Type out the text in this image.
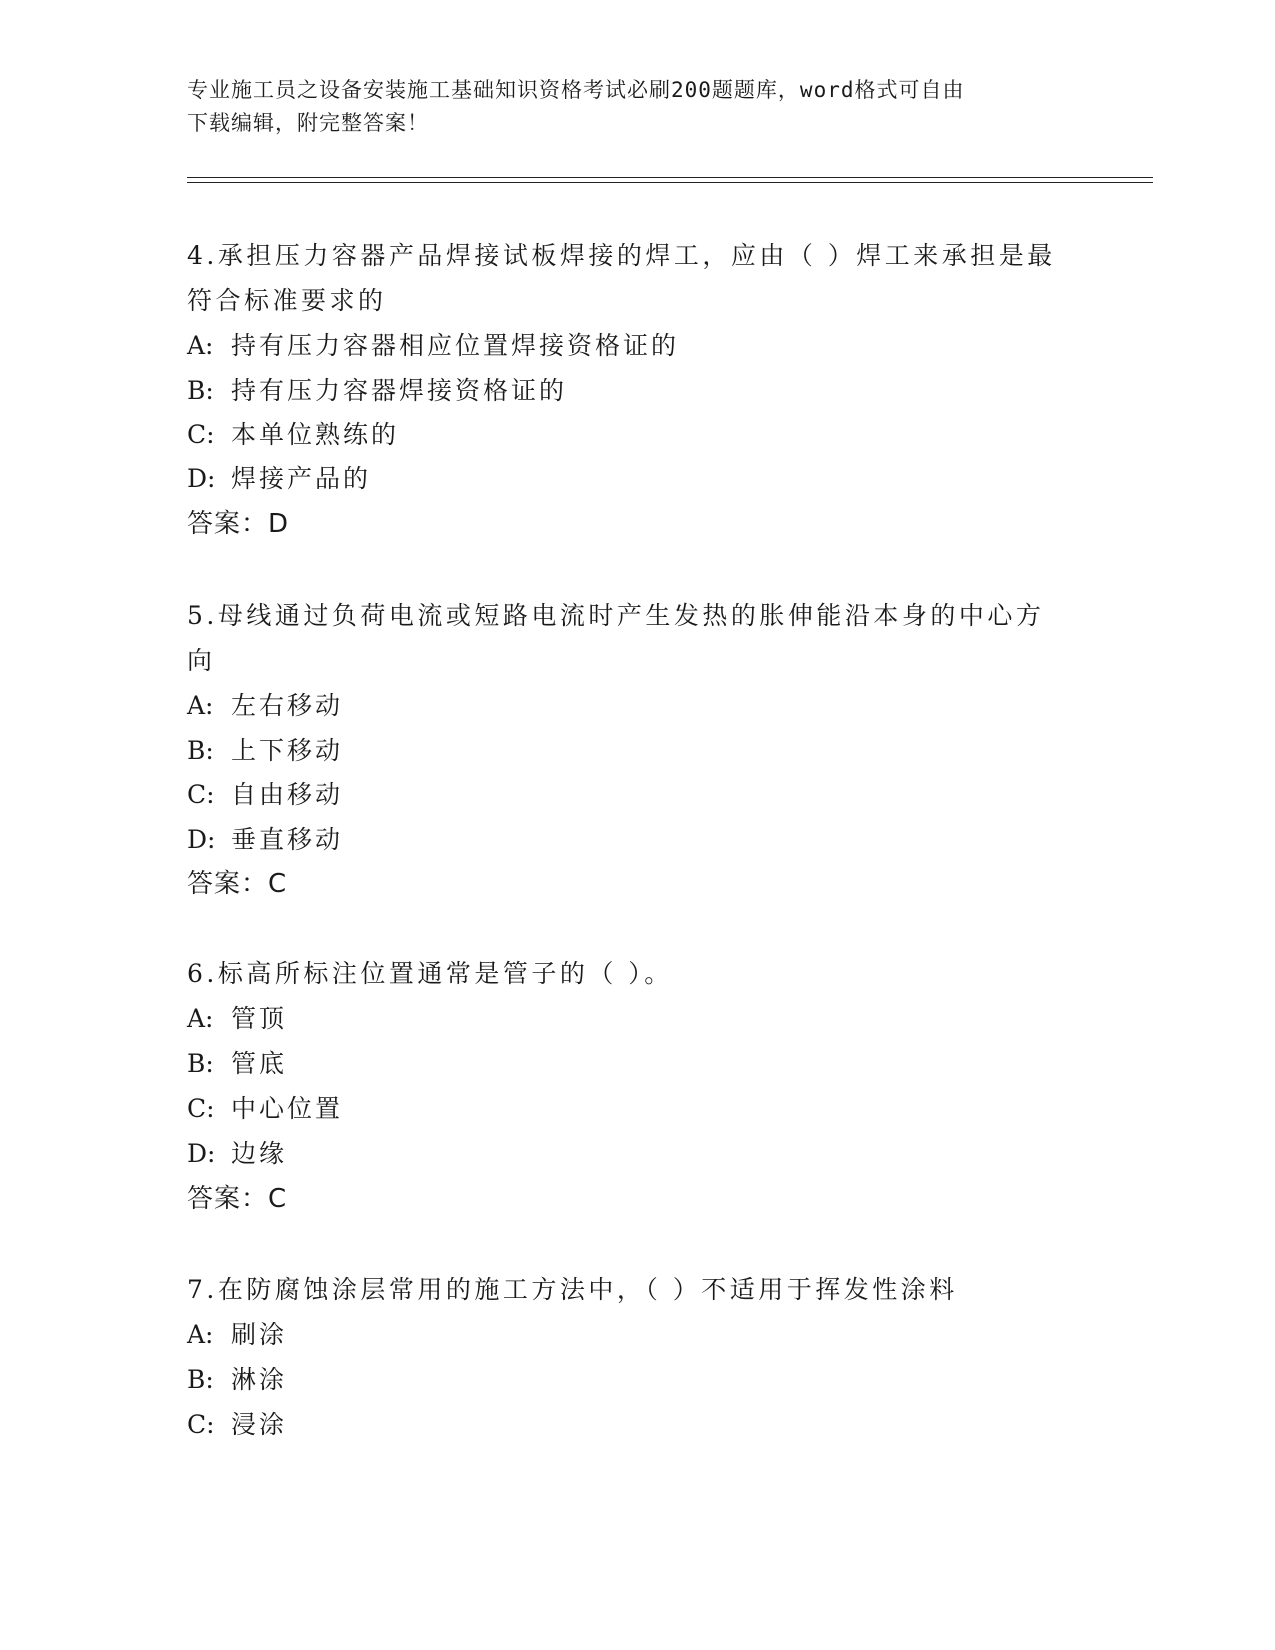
专业施工员之设备安装施工基础知识资格考试必刷200题题库，word格式可自由
下载编辑，附完整答案！
4.承担压力容器产品焊接试板焊接的焊工，应由（ ）焊工来承担是最
符合标准要求的
A: 持有压力容器相应位置焊接资格证的
B: 持有压力容器焊接资格证的
C: 本单位熟练的
D: 焊接产品的
答案：D
5.母线通过负荷电流或短路电流时产生发热的胀伸能沿本身的中心方
向
A: 左右移动
B: 上下移动
C: 自由移动
D: 垂直移动
答案：C
6.标高所标注位置通常是管子的（ ）。
A: 管顶
B: 管底
C: 中心位置
D: 边缘
答案：C
7.在防腐蚀涂层常用的施工方法中，（ ）不适用于挥发性涂料
A: 刷涂
B: 淋涂
C: 浸涂
